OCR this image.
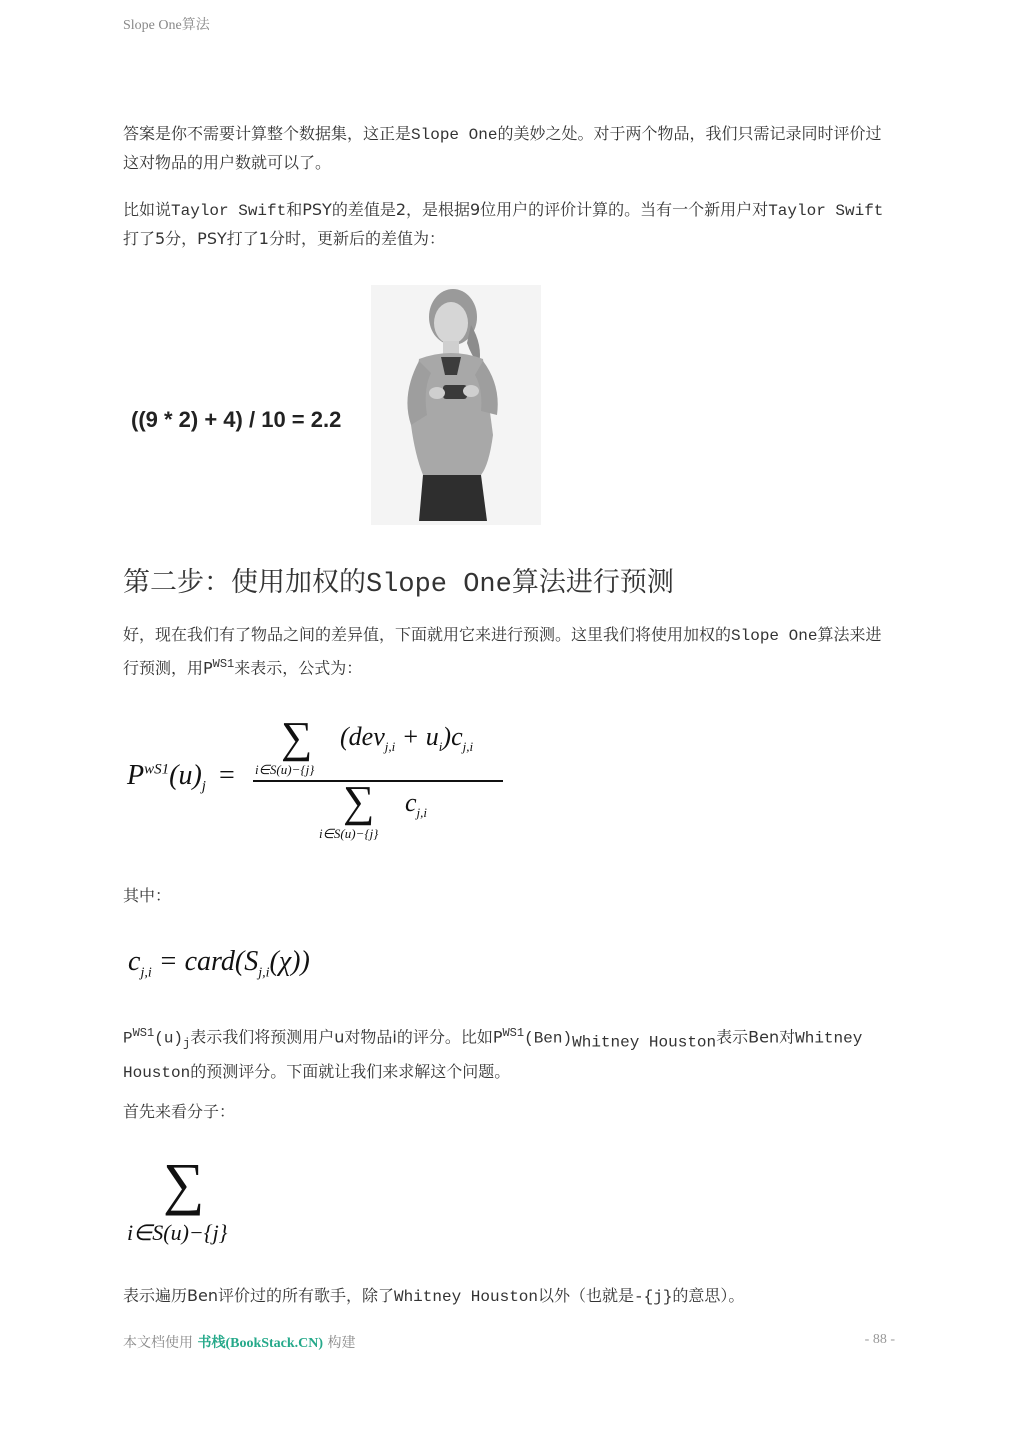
Slope One算法
答案是你不需要计算整个数据集，这正是Slope One的美妙之处。对于两个物品，我们只需记录同时评价过这对物品的用户数就可以了。
比如说Taylor Swift和PSY的差值是2，是根据9位用户的评价计算的。当有一个新用户对Taylor Swift打了5分，PSY打了1分时，更新后的差值为：
((9 * 2) + 4) / 10 = 2.2
第二步：使用加权的Slope One算法进行预测
好，现在我们有了物品之间的差异值，下面就用它来进行预测。这里我们将使用加权的Slope One算法来进行预测，用$P^{WS1}$来表示，公式为：
$P^{wS1}(u)_j$ =
∑
i∈S(u)−{j}
$(dev_{j,i} + u_i)c_{j,i}$
∑
i∈S(u)−{j}
$c_{j,i}$
其中：
$c_{j,i}$ = $card(S_{j,i}(\chi))$
$P^{WS1}(u)_j$表示我们将预测用户u对物品i的评分。比如$P^{WS1}(Ben)_{Whitney Houston}$表示Ben对Whitney Houston的预测评分。下面就让我们来求解这个问题。
首先来看分子：
∑
i∈S(u)−{j}
表示遍历Ben评价过的所有歌手，除了Whitney Houston以外（也就是-{j}的意思）。
本文档使用 书栈(BookStack.CN) 构建	- 88 -
